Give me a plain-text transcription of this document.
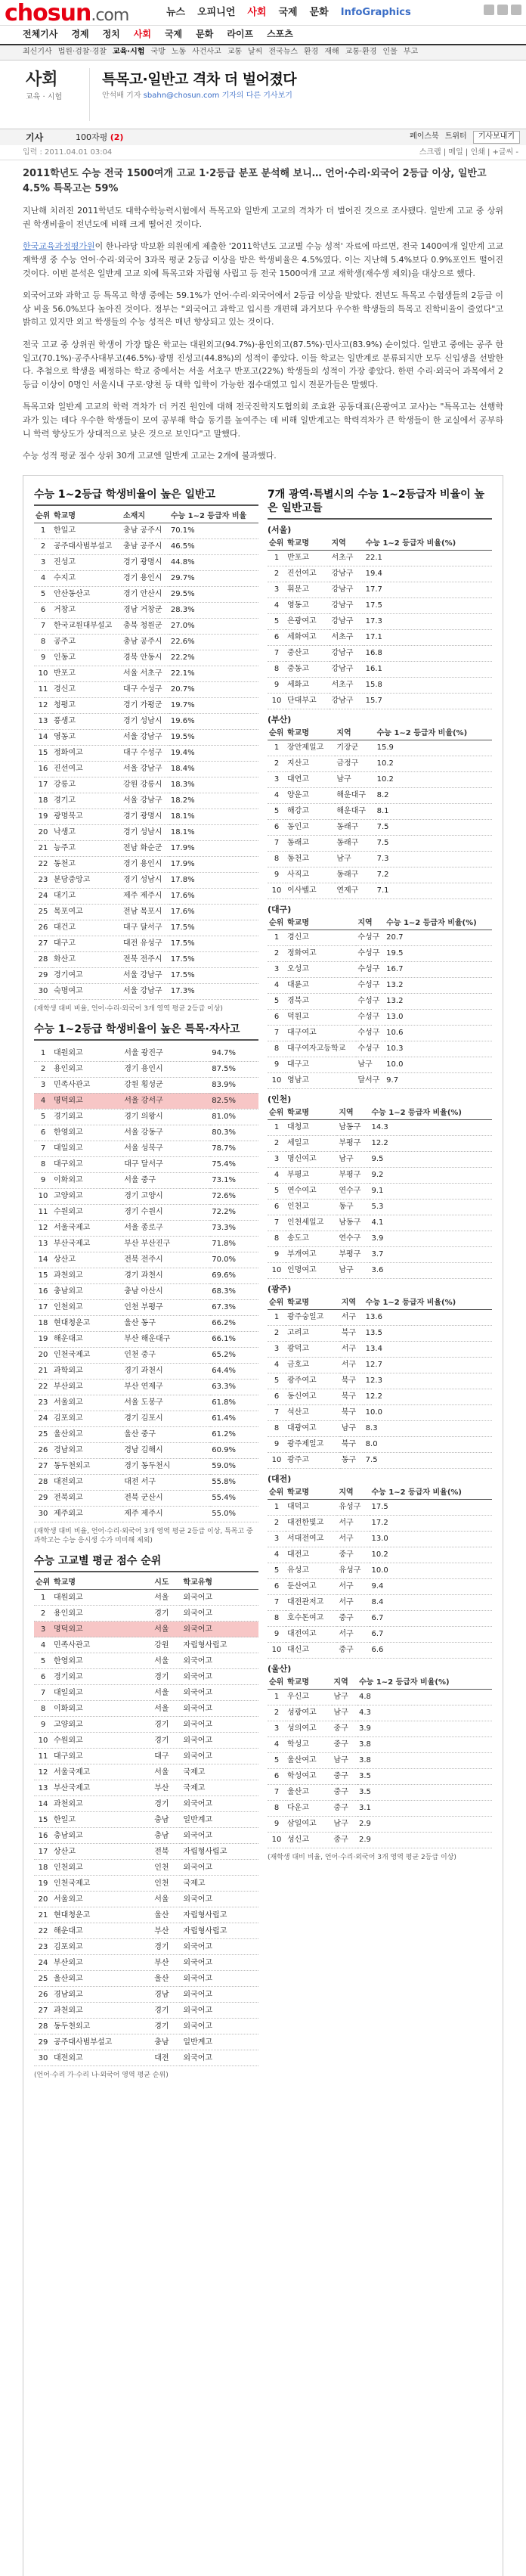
chosun.com	뉴스 오피니언 사회 국제 문화 InfoGraphics
전체기사 경제 정치 사회 국제 문화 라이프 스포츠
최신기사 법원·검찰·경찰 교육·시험 국방 노동 사건사고 교통 날씨 전국뉴스 환경 재해 교통·환경 인물 부고
사회
교육 · 시험
특목고·일반고 격차 더 벌어졌다
안석배 기자 sbahn@chosun.com 기자의 다른 기사보기
기사	100자평 (2)	페이스북 트위터	기사보내기
입력 : 2011.04.01 03:04	스크랩 | 메일 | 인쇄 | +글씨 -
2011학년도 수능 전국 1500여개 고교 1·2등급 분포 분석해 보니… 언어·수리·외국어 2등급 이상, 일반고 4.5% 특목고는 59%

지난해 치러진 2011학년도 대학수학능력시험에서 특목고와 일반계 고교의 격차가 더 벌어진 것으로 조사됐다. 일반계 고교 중 상위권 학생비율이 전년도에 비해 크게 떨어진 것이다.

한국교육과정평가원이 한나라당 박보환 의원에게 제출한 '2011학년도 고교별 수능 성적' 자료에 따르면, 전국 1400여개 일반계 고교 재학생 중 수능 언어·수리·외국어 3과목 평균 2등급 이상을 받은 학생비율은 4.5%였다. 이는 지난해 5.4%보다 0.9%포인트 떨어진 것이다. 이번 분석은 일반계 고교 외에 특목고와 자립형 사립고 등 전국 1500여개 고교 재학생(재수생 제외)을 대상으로 했다.

외국어고와 과학고 등 특목고 학생 중에는 59.1%가 언어·수리·외국어에서 2등급 이상을 받았다. 전년도 특목고 수험생들의 2등급 이상 비율 56.0%보다 높아진 것이다. 정부는 "외국어고 과학고 입시를 개편해 과거보다 우수한 학생들의 특목고 진학비율이 줄었다"고 밝히고 있지만 외고 학생들의 수능 성적은 매년 향상되고 있는 것이다.

전국 고교 중 상위권 학생이 가장 많은 학교는 대원외고(94.7%)·용인외고(87.5%)·민사고(83.9%) 순이었다. 일반고 중에는 공주 한일고(70.1%)·공주사대부고(46.5%)·광명 진성고(44.8%)의 성적이 좋았다. 이들 학교는 일반계로 분류되지만 모두 신입생을 선발한다. 추첨으로 학생을 배정하는 학교 중에서는 서울 서초구 반포고(22%) 학생들의 성적이 가장 좋았다. 한편 수리·외국어 과목에서 2등급 이상이 0명인 서울시내 구로·양천 등 대학 입학이 가능한 점수대였고 입시 전문가들은 말했다.

특목고와 일반계 고교의 학력 격차가 더 커진 원인에 대해 전국진학지도협의회 조효완 공동대표(은광여고 교사)는 "특목고는 선행학과가 있는 데다 우수한 학생들이 모여 공부해 학습 동기를 높여주는 데 비해 일반계고는 학력격차가 큰 학생들이 한 교실에서 공부하니 학력 향상도가 상대적으로 낮은 것으로 보인다"고 말했다.

수능 성적 평균 점수 상위 30개 고교엔 일반계 고교는 2개에 불과했다.

수능 1~2등급 학생비율이 높은 일반고
순위	학교명	소재지	수능 1~2 등급자 비율
1	한일고	충남 공주시	70.1%
2	공주대사범부설고	충남 공주시	46.5%
3	진성고	경기 광명시	44.8%
4	수지고	경기 용인시	29.7%
5	안산동산고	경기 안산시	29.5%
6	거창고	경남 거창군	28.3%
7	한국교원대부설고	충북 청원군	27.0%
8	공주고	충남 공주시	22.6%
9	인동고	경북 안동시	22.2%
10	반포고	서울 서초구	22.1%
11	경신고	대구 수성구	20.7%
12	청평고	경기 가평군	19.7%
13	풍생고	경기 성남시	19.6%
14	영동고	서울 강남구	19.5%
15	정화여고	대구 수성구	19.4%
16	진선여고	서울 강남구	18.4%
17	강릉고	강원 강릉시	18.3%
18	경기고	서울 강남구	18.2%
19	광명북고	경기 광명시	18.1%
20	낙생고	경기 성남시	18.1%
21	능주고	전남 화순군	17.9%
22	동천고	경기 용인시	17.9%
23	분당중앙고	경기 성남시	17.8%
24	대기고	제주 제주시	17.6%
25	목포여고	전남 목포시	17.6%
26	대건고	대구 달서구	17.5%
27	대구고	대전 유성구	17.5%
28	화산고	전북 전주시	17.5%
29	경기여고	서울 강남구	17.5%
30	숙명여고	서울 강남구	17.3%
(재학생 대비 비율, 언어·수리·외국어 3개 영역 평균 2등급 이상)
수능 1~2등급 학생비율이 높은 특목·자사고
1	대원외고	서울 광진구	94.7%
2	용인외고	경기 용인시	87.5%
3	민족사관고	강원 횡성군	83.9%
4	명덕외고	서울 강서구	82.5%
5	경기외고	경기 의왕시	81.0%
6	한영외고	서울 강동구	80.3%
7	대일외고	서울 성북구	78.7%
8	대구외고	대구 달서구	75.4%
9	이화외고	서울 중구	73.1%
10	고양외고	경기 고양시	72.6%
11	수원외고	경기 수원시	72.2%
12	서울국제고	서울 종로구	73.3%
13	부산국제고	부산 부산진구	71.8%
14	상산고	전북 전주시	70.0%
15	과천외고	경기 과천시	69.6%
16	충남외고	충남 아산시	68.3%
17	인천외고	인천 부평구	67.3%
18	현대청운고	울산 동구	66.2%
19	해운대고	부산 해운대구	66.1%
20	인천국제고	인천 중구	65.2%
21	과학외고	경기 과천시	64.4%
22	부산외고	부산 연제구	63.3%
23	서울외고	서울 도봉구	61.8%
24	김포외고	경기 김포시	61.4%
25	울산외고	울산 중구	61.2%
26	경남외고	경남 김해시	60.9%
27	동두천외고	경기 동두천시	59.0%
28	대전외고	대전 서구	55.8%
29	전북외고	전북 군산시	55.4%
30	제주외고	제주 제주시	55.0%
(재학생 대비 비율, 언어·수리·외국어 3개 영역 평균 2등급 이상, 특목고 중 과학고는 수능 응시생 수가 미미해 제외)
수능 고교별 평균 점수 순위
순위	학교명	시도	학교유형
1	대원외고	서울	외국어고
2	용인외고	경기	외국어고
3	명덕외고	서울	외국어고
4	민족사관고	강원	자립형사립고
5	한영외고	서울	외국어고
6	경기외고	경기	외국어고
7	대일외고	서울	외국어고
8	이화외고	서울	외국어고
9	고양외고	경기	외국어고
10	수원외고	경기	외국어고
11	대구외고	대구	외국어고
12	서울국제고	서울	국제고
13	부산국제고	부산	국제고
14	과천외고	경기	외국어고
15	한일고	충남	일반계고
16	충남외고	충남	외국어고
17	상산고	전북	자립형사립고
18	인천외고	인천	외국어고
19	인천국제고	인천	국제고
20	서울외고	서울	외국어고
21	현대청운고	울산	자립형사립고
22	해운대고	부산	자립형사립고
23	김포외고	경기	외국어고
24	부산외고	부산	외국어고
25	울산외고	울산	외국어고
26	경남외고	경남	외국어고
27	과천외고	경기	외국어고
28	동두천외고	경기	외국어고
29	공주대사범부설고	충남	일반계고
30	대전외고	대전	외국어고
(언어·수리 가·수리 나·외국어 영역 평균 순위)
7개 광역·특별시의 수능 1~2등급자 비율이 높은 일반고들
(서울)
순위	학교명	지역	수능 1~2 등급자 비율(%)
1	반포고	서초구	22.1
2	진선여고	강남구	19.4
3	휘문고	강남구	17.7
4	영동고	강남구	17.5
5	은광여고	강남구	17.3
6	세화여고	서초구	17.1
7	중산고	강남구	16.8
8	중동고	강남구	16.1
9	세화고	서초구	15.8
10	단대부고	강남구	15.7
(부산)
순위	학교명	지역	수능 1~2 등급자 비율(%)
1	장안제일고	기장군	15.9
2	지산고	금정구	10.2
3	대연고	남구	10.2
4	양운고	해운대구	8.2
5	해강고	해운대구	8.1
6	동인고	동래구	7.5
7	동래고	동래구	7.5
8	동천고	남구	7.3
9	사직고	동래구	7.2
10	이사벨고	연제구	7.1
(대구)
순위	학교명	지역	수능 1~2 등급자 비율(%)
1	경신고	수성구	20.7
2	정화여고	수성구	19.5
3	오성고	수성구	16.7
4	대륜고	수성구	13.2
5	경북고	수성구	13.2
6	덕원고	수성구	13.0
7	대구여고	수성구	10.6
8	대구여자고등학교	수성구	10.3
9	대구고	남구	10.0
10	영남고	달서구	9.7
(인천)
순위	학교명	지역	수능 1~2 등급자 비율(%)
1	대청고	남동구	14.3
2	세일고	부평구	12.2
3	명신여고	남구	9.5
4	부평고	부평구	9.2
5	연수여고	연수구	9.1
6	인천고	동구	5.3
7	인천세일고	남동구	4.1
8	송도고	연수구	3.9
9	부개여고	부평구	3.7
10	인명여고	남구	3.6
(광주)
순위	학교명	지역	수능 1~2 등급자 비율(%)
1	광주숭일고	서구	13.6
2	고려고	북구	13.5
3	광덕고	서구	13.4
4	금호고	서구	12.7
5	광주여고	북구	12.3
6	동신여고	북구	12.2
7	석산고	북구	10.0
8	대광여고	남구	8.3
9	광주제일고	북구	8.0
10	광주고	동구	7.5
(대전)
순위	학교명	지역	수능 1~2 등급자 비율(%)
1	대덕고	유성구	17.5
2	대전한빛고	서구	17.2
3	서대전여고	서구	13.0
4	대전고	중구	10.2
5	유성고	유성구	10.0
6	둔산여고	서구	9.4
7	대전관저고	서구	8.4
8	호수돈여고	중구	6.7
9	대전여고	서구	6.7
10	대신고	중구	6.6
(울산)
순위	학교명	지역	수능 1~2 등급자 비율(%)
1	우신고	남구	4.8
2	성광여고	남구	4.3
3	성의여고	중구	3.9
4	학성고	중구	3.8
5	울산여고	남구	3.8
6	학성여고	중구	3.5
7	울산고	중구	3.5
8	다운고	중구	3.1
9	삼일여고	남구	2.9
10	성신고	중구	2.9
(재학생 대비 비율, 언어·수리·외국어 3개 영역 평균 2등급 이상)
